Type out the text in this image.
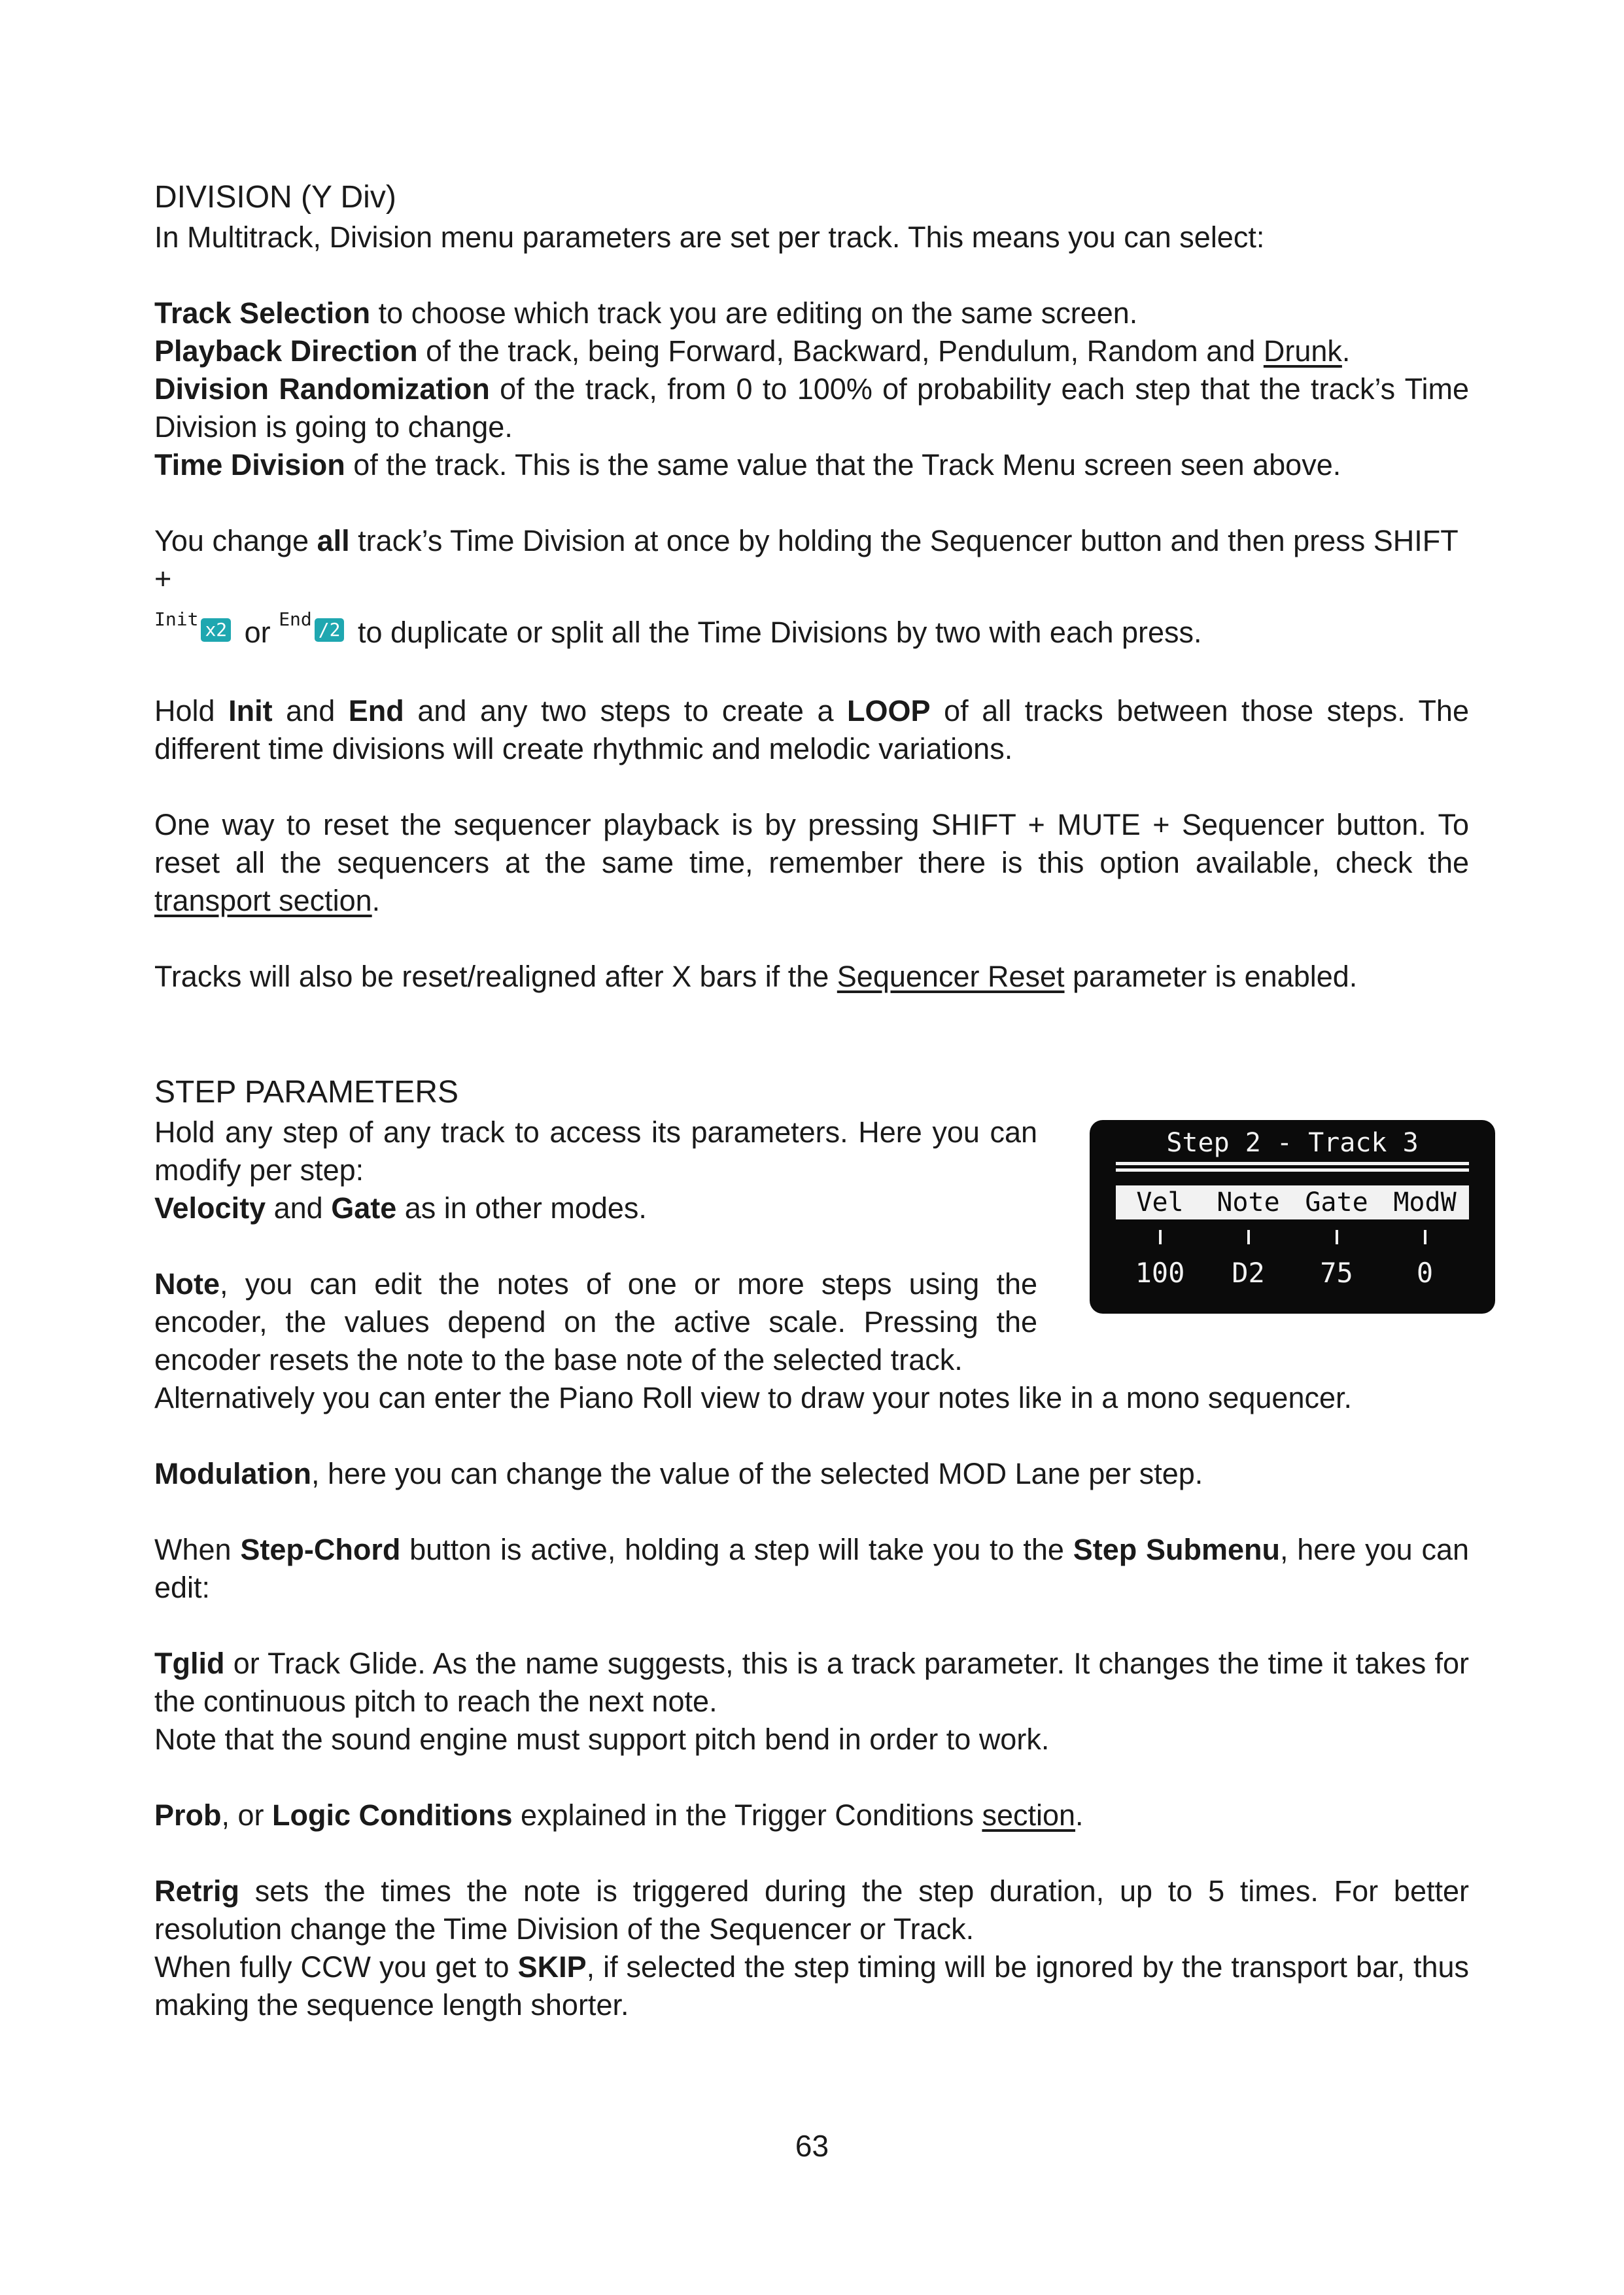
DIVISION (Y Div)

In Multitrack, Division menu parameters are set per track. This means you can select:

Track Selection to choose which track you are editing on the same screen.

Playback Direction of the track, being Forward, Backward, Pendulum, Random and Drunk.

Division Randomization of the track, from 0 to 100% of probability each step that the track’s Time Division is going to change.

Time Division of the track. This is the same value that the Track Menu screen seen above.

You change all track’s Time Division at once by holding the Sequencer button and then press SHIFT +

$^{Init}$ x2 or $^{End}$ /2 to duplicate or split all the Time Divisions by two with each press.

Hold Init and End and any two steps to create a LOOP of all tracks between those steps. The different time divisions will create rhythmic and melodic variations.

One way to reset the sequencer playback is by pressing SHIFT + MUTE + Sequencer button. To reset all the sequencers at the same time, remember there is this option available, check the transport section.

Tracks will also be reset/realigned after X bars if the Sequencer Reset parameter is enabled.

STEP PARAMETERS

Hold any step of any track to access its parameters. Here you can modify per step:

Velocity and Gate as in other modes.

Note, you can edit the notes of one or more steps using the encoder, the values depend on the active scale. Pressing the encoder resets the note to the base note of the selected track.

Step 2 - Track 3
Vel	Note Gate ModW
100	D2	75	0

Alternatively you can enter the Piano Roll view to draw your notes like in a mono sequencer.

Modulation, here you can change the value of the selected MOD Lane per step.

When Step-Chord button is active, holding a step will take you to the Step Submenu, here you can edit:

Tglid or Track Glide. As the name suggests, this is a track parameter. It changes the time it takes for the continuous pitch to reach the next note.

Note that the sound engine must support pitch bend in order to work.

Prob, or Logic Conditions explained in the Trigger Conditions section.

Retrig sets the times the note is triggered during the step duration, up to 5 times. For better resolution change the Time Division of the Sequencer or Track.

When fully CCW you get to SKIP, if selected the step timing will be ignored by the transport bar, thus making the sequence length shorter.

63
